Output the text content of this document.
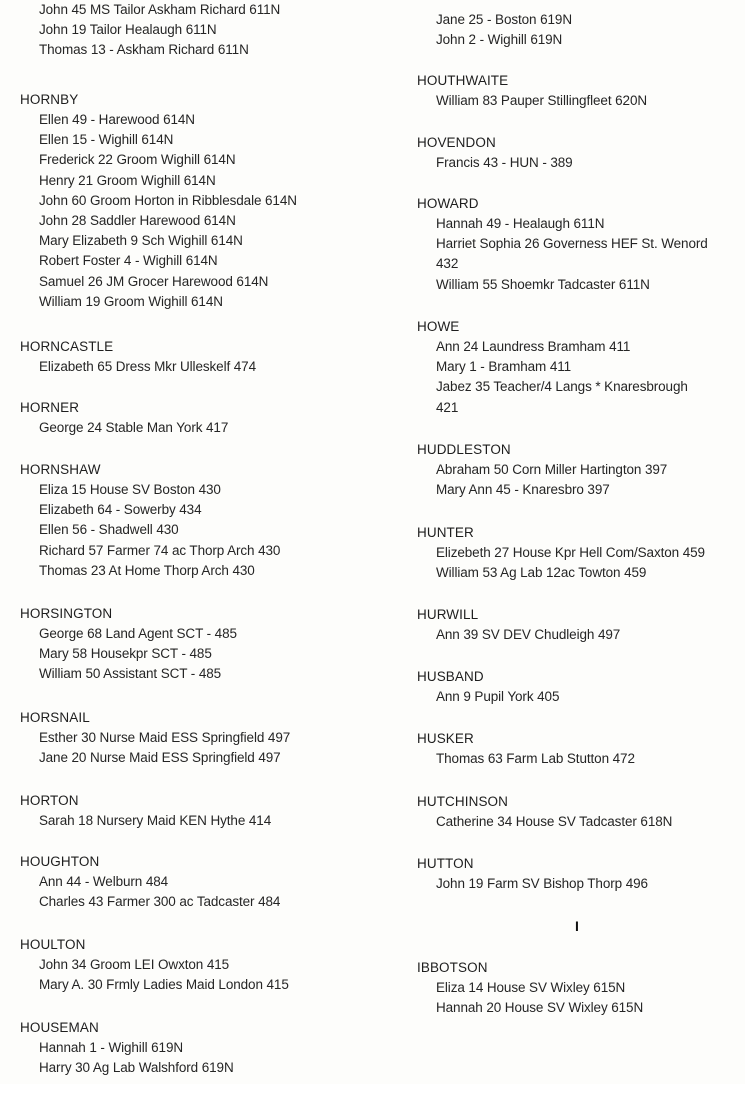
John 45 MS Tailor Askham Richard 611N
John 19 Tailor Healaugh 611N
Thomas 13 - Askham Richard 611N
HORNBY
Ellen 49 - Harewood 614N
Ellen 15 - Wighill 614N
Frederick 22 Groom Wighill 614N
Henry 21 Groom Wighill 614N
John 60 Groom Horton in Ribblesdale 614N
John 28 Saddler Harewood 614N
Mary Elizabeth 9 Sch Wighill 614N
Robert Foster 4 - Wighill 614N
Samuel 26 JM Grocer Harewood 614N
William 19 Groom Wighill 614N
HORNCASTLE
Elizabeth 65 Dress Mkr Ulleskelf 474
HORNER
George 24 Stable Man York 417
HORNSHAW
Eliza 15 House SV Boston 430
Elizabeth 64 - Sowerby 434
Ellen 56 - Shadwell 430
Richard 57 Farmer 74 ac Thorp Arch 430
Thomas 23 At Home Thorp Arch 430
HORSINGTON
George 68 Land Agent SCT - 485
Mary 58 Housekpr SCT - 485
William 50 Assistant SCT - 485
HORSNAIL
Esther 30 Nurse Maid ESS Springfield 497
Jane 20 Nurse Maid ESS Springfield 497
HORTON
Sarah 18 Nursery Maid KEN Hythe 414
HOUGHTON
Ann 44 - Welburn 484
Charles 43 Farmer 300 ac Tadcaster 484
HOULTON
John 34 Groom LEI Owxton 415
Mary A. 30 Frmly Ladies Maid London 415
HOUSEMAN
Hannah 1 - Wighill 619N
Harry 30 Ag Lab Walshford 619N
Jane 25 - Boston 619N
John 2 - Wighill 619N
HOUTHWAITE
William 83 Pauper Stillingfleet 620N
HOVENDON
Francis 43 - HUN - 389
HOWARD
Hannah 49 - Healaugh 611N
Harriet Sophia 26 Governess HEF St. Wenord
432
William 55 Shoemkr Tadcaster 611N
HOWE
Ann 24 Laundress Bramham 411
Mary 1 - Bramham 411
Jabez 35 Teacher/4 Langs * Knaresbrough
421
HUDDLESTON
Abraham 50 Corn Miller Hartington 397
Mary Ann 45 - Knaresbro 397
HUNTER
Elizebeth 27 House Kpr Hell Com/Saxton 459
William 53 Ag Lab 12ac Towton 459
HURWILL
Ann 39 SV DEV Chudleigh 497
HUSBAND
Ann 9 Pupil York 405
HUSKER
Thomas 63 Farm Lab Stutton 472
HUTCHINSON
Catherine 34 House SV Tadcaster 618N
HUTTON
John 19 Farm SV Bishop Thorp 496
IBBOTSON
Eliza 14 House SV Wixley 615N
Hannah 20 House SV Wixley 615N
I
